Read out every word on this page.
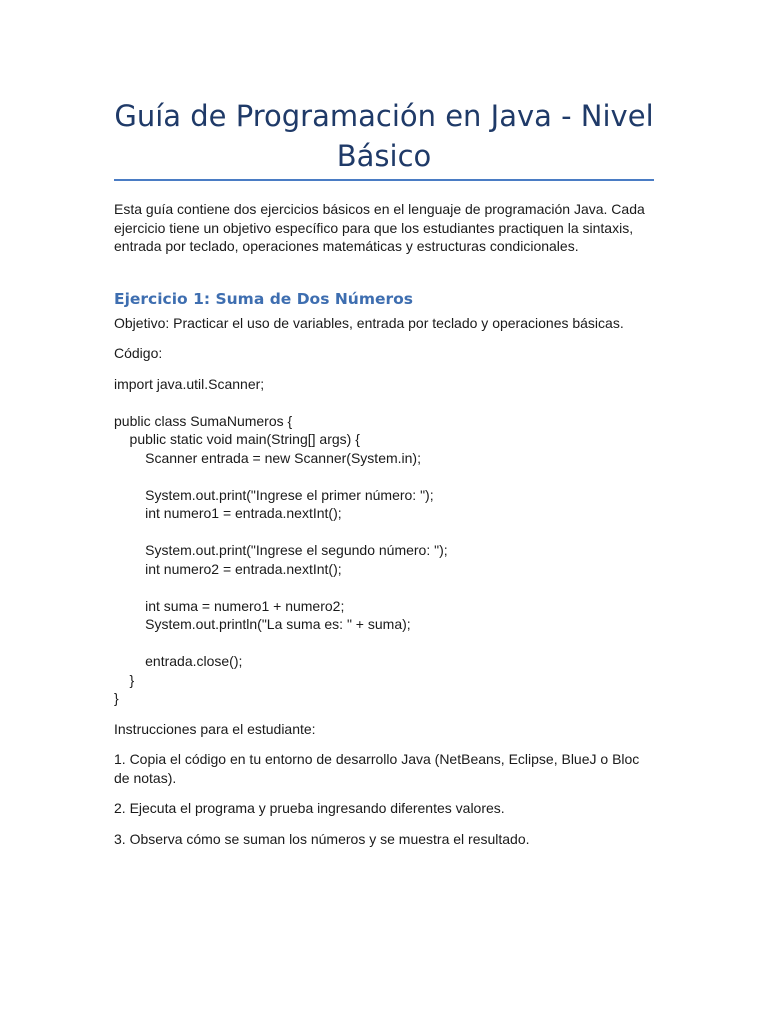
Guía de Programación en Java - Nivel Básico

Esta guía contiene dos ejercicios básicos en el lenguaje de programación Java. Cada ejercicio tiene un objetivo específico para que los estudiantes practiquen la sintaxis, entrada por teclado, operaciones matemáticas y estructuras condicionales.

Ejercicio 1: Suma de Dos Números

Objetivo: Practicar el uso de variables, entrada por teclado y operaciones básicas.

Código:

import java.util.Scanner;
public class SumaNumeros {
public static void main(String[] args) {
Scanner entrada = new Scanner(System.in);
System.out.print("Ingrese el primer número: ");
int numero1 = entrada.nextInt();
System.out.print("Ingrese el segundo número: ");
int numero2 = entrada.nextInt();
int suma = numero1 + numero2;
System.out.println("La suma es: " + suma);
entrada.close();
}
}

Instrucciones para el estudiante:

1. Copia el código en tu entorno de desarrollo Java (NetBeans, Eclipse, BlueJ o Bloc de notas).

2. Ejecuta el programa y prueba ingresando diferentes valores.

3. Observa cómo se suman los números y se muestra el resultado.
